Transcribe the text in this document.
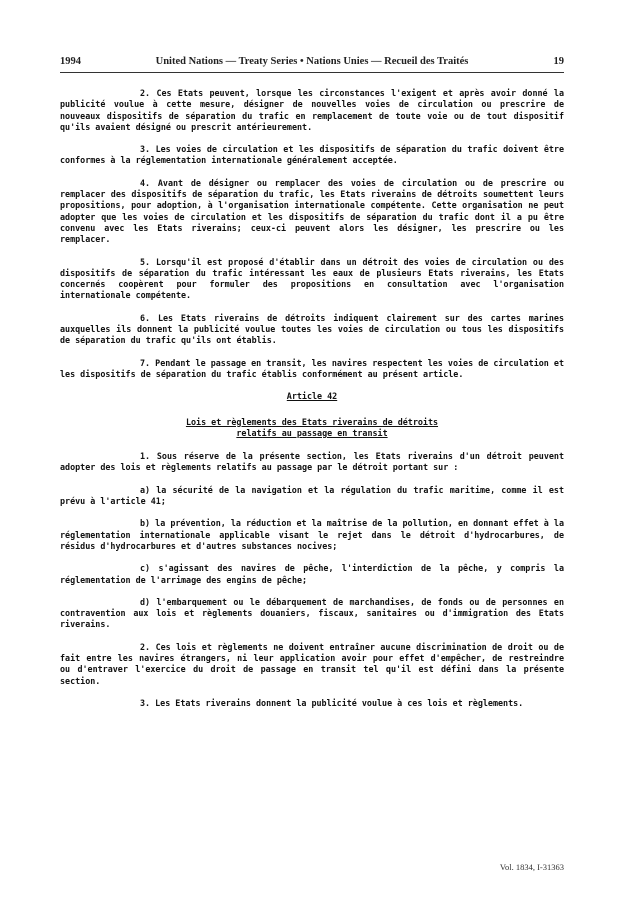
1994	United Nations — Treaty Series • Nations Unies — Recueil des Traités	19

2. Ces Etats peuvent, lorsque les circonstances l'exigent et après avoir donné la publicité voulue à cette mesure, désigner de nouvelles voies de circulation ou prescrire de nouveaux dispositifs de séparation du trafic en remplacement de toute voie ou de tout dispositif qu'ils avaient désigné ou prescrit antérieurement.

3. Les voies de circulation et les dispositifs de séparation du trafic doivent être conformes à la réglementation internationale généralement acceptée.

4. Avant de désigner ou remplacer des voies de circulation ou de prescrire ou remplacer des dispositifs de séparation du trafic, les Etats riverains de détroits soumettent leurs propositions, pour adoption, à l'organisation internationale compétente. Cette organisation ne peut adopter que les voies de circulation et les dispositifs de séparation du trafic dont il a pu être convenu avec les Etats riverains; ceux-ci peuvent alors les désigner, les prescrire ou les remplacer.

5. Lorsqu'il est proposé d'établir dans un détroit des voies de circulation ou des dispositifs de séparation du trafic intéressant les eaux de plusieurs Etats riverains, les Etats concernés coopèrent pour formuler des propositions en consultation avec l'organisation internationale compétente.

6. Les Etats riverains de détroits indiquent clairement sur des cartes marines auxquelles ils donnent la publicité voulue toutes les voies de circulation ou tous les dispositifs de séparation du trafic qu'ils ont établis.

7. Pendant le passage en transit, les navires respectent les voies de circulation et les dispositifs de séparation du trafic établis conformément au présent article.

Article 42

Lois et règlements des Etats riverains de détroits

relatifs au passage en transit

1. Sous réserve de la présente section, les Etats riverains d'un détroit peuvent adopter des lois et règlements relatifs au passage par le détroit portant sur :

a) la sécurité de la navigation et la régulation du trafic maritime, comme il est prévu à l'article 41;

b) la prévention, la réduction et la maîtrise de la pollution, en donnant effet à la réglementation internationale applicable visant le rejet dans le détroit d'hydrocarbures, de résidus d'hydrocarbures et d'autres substances nocives;

c) s'agissant des navires de pêche, l'interdiction de la pêche, y compris la réglementation de l'arrimage des engins de pêche;

d) l'embarquement ou le débarquement de marchandises, de fonds ou de personnes en contravention aux lois et règlements douaniers, fiscaux, sanitaires ou d'immigration des Etats riverains.

2. Ces lois et règlements ne doivent entraîner aucune discrimination de droit ou de fait entre les navires étrangers, ni leur application avoir pour effet d'empêcher, de restreindre ou d'entraver l'exercice du droit de passage en transit tel qu'il est défini dans la présente section.

3. Les Etats riverains donnent la publicité voulue à ces lois et règlements.

Vol. 1834, I-31363
